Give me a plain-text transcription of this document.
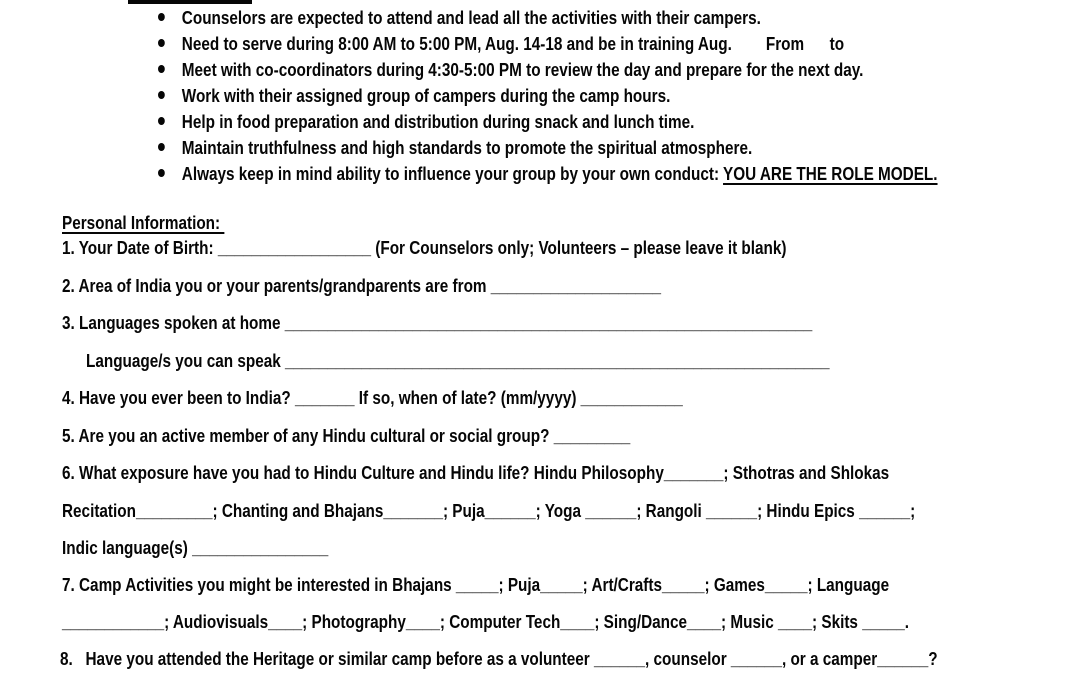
Counselors are expected to attend and lead all the activities with their campers.
Need to serve during 8:00 AM to 5:00 PM, Aug. 14-18 and be in training Aug.        From      to
Meet with co-coordinators during 4:30-5:00 PM to review the day and prepare for the next day.
Work with their assigned group of campers during the camp hours.
Help in food preparation and distribution during snack and lunch time.
Maintain truthfulness and high standards to promote the spiritual atmosphere.
Always keep in mind ability to influence your group by your own conduct: YOU ARE THE ROLE MODEL.
Personal Information:
1. Your Date of Birth: __________________ (For Counselors only; Volunteers – please leave it blank)
2. Area of India you or your parents/grandparents are from ____________________
3. Languages spoken at home ______________________________________________________________
Language/s you can speak ________________________________________________________________
4. Have you ever been to India? _______ If so, when of late? (mm/yyyy) ____________
5. Are you an active member of any Hindu cultural or social group? _________
6. What exposure have you had to Hindu Culture and Hindu life? Hindu Philosophy_______; Sthotras and Shlokas
Recitation_________; Chanting and Bhajans_______; Puja______; Yoga ______; Rangoli ______; Hindu Epics ______;
Indic language(s) ________________
7. Camp Activities you might be interested in Bhajans _____; Puja_____; Art/Crafts_____; Games_____; Language
____________; Audiovisuals____; Photography____; Computer Tech____; Sing/Dance____; Music ____; Skits _____.
8.   Have you attended the Heritage or similar camp before as a volunteer ______, counselor ______, or a camper______?
